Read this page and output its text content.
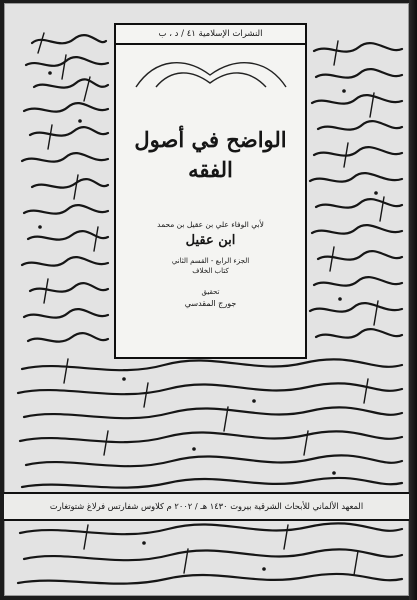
النشرات الإسلامية ٤١ / د ، ب
الواضح في أصول الفقه
لأبي الوفاء علي بن عقيل بن محمد
ابن عقيل
الجزء الرابع - القسم الثاني
كتاب الخلاف
تحقيق
جورج المقدسي
المعهد الألماني للأبحاث الشرقية بيروت ١٤٣٠ هـ / ٢٠٠٢ م كلاوس شفارتس فرلاغ شتوتغارت
